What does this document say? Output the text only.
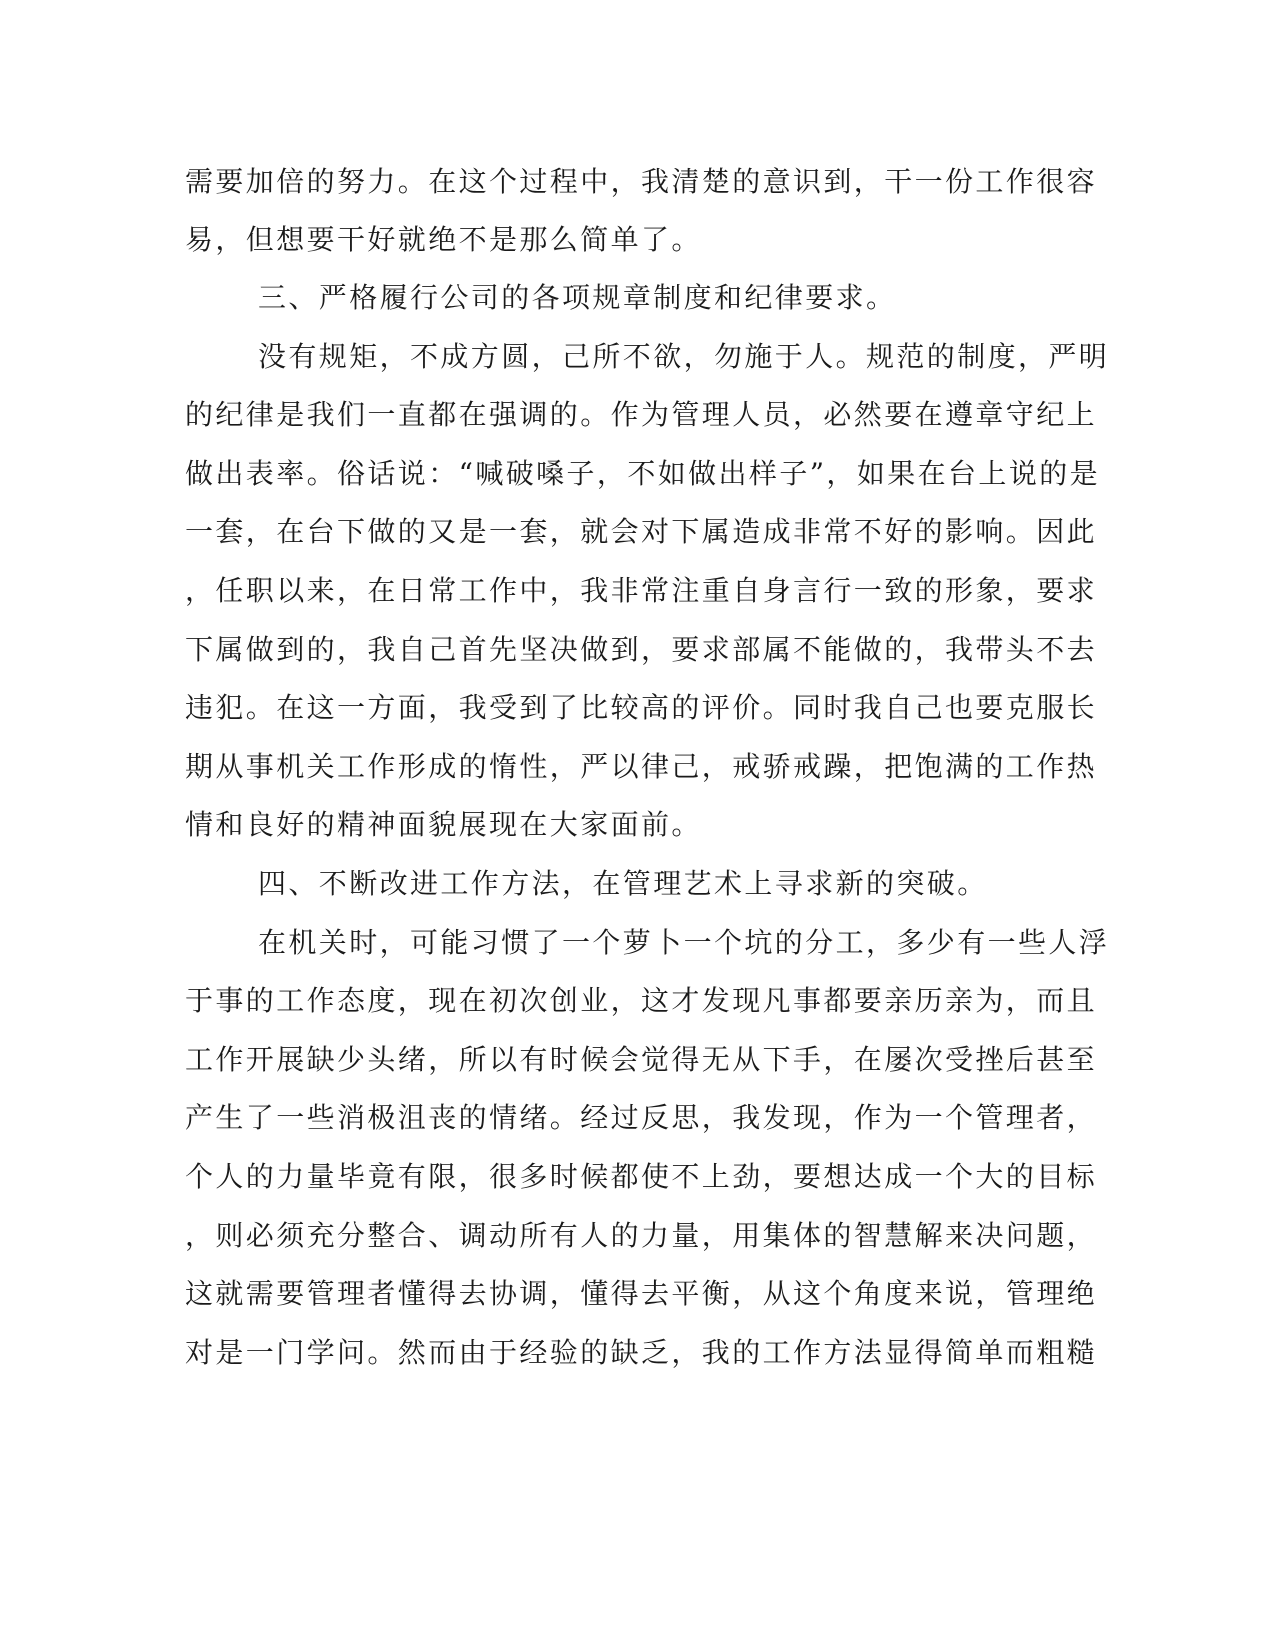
需要加倍的努力。在这个过程中，我清楚的意识到，干一份工作很容
易，但想要干好就绝不是那么简单了。
三、严格履行公司的各项规章制度和纪律要求。
没有规矩，不成方圆，己所不欲，勿施于人。规范的制度，严明
的纪律是我们一直都在强调的。作为管理人员，必然要在遵章守纪上
做出表率。俗话说：“喊破嗓子，不如做出样子”，如果在台上说的是
一套，在台下做的又是一套，就会对下属造成非常不好的影响。因此
，任职以来，在日常工作中，我非常注重自身言行一致的形象，要求
下属做到的，我自己首先坚决做到，要求部属不能做的，我带头不去
违犯。在这一方面，我受到了比较高的评价。同时我自己也要克服长
期从事机关工作形成的惰性，严以律己，戒骄戒躁，把饱满的工作热
情和良好的精神面貌展现在大家面前。
四、不断改进工作方法，在管理艺术上寻求新的突破。
在机关时，可能习惯了一个萝卜一个坑的分工，多少有一些人浮
于事的工作态度，现在初次创业，这才发现凡事都要亲历亲为，而且
工作开展缺少头绪，所以有时候会觉得无从下手，在屡次受挫后甚至
产生了一些消极沮丧的情绪。经过反思，我发现，作为一个管理者，
个人的力量毕竟有限，很多时候都使不上劲，要想达成一个大的目标
，则必须充分整合、调动所有人的力量，用集体的智慧解来决问题，
这就需要管理者懂得去协调，懂得去平衡，从这个角度来说，管理绝
对是一门学问。然而由于经验的缺乏，我的工作方法显得简单而粗糙
